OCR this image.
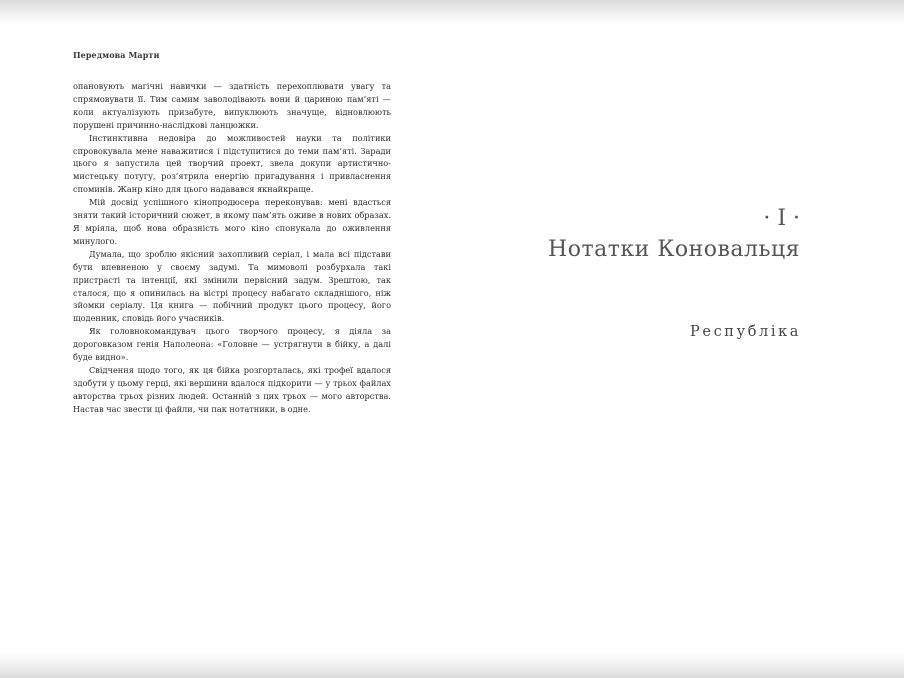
Передмова Марти

опановують магічні навички — здатність перехоплювати увагу та спрямовувати її. Тим самим заволодівають вони й цариною пам’яті — коли актуалізують призабуте, випуклюють значуще, відновлюють порушені причинно-наслідкові ланцюжки.

Інстинктивна недовіра до можливостей науки та політики спровокувала мене наважитися і підступитися до теми пам’яті. Заради цього я запустила цей творчий проект, звела докупи артистично-мистецьку потугу, роз’ятрила енергію пригадування і привласнення споминів. Жанр кіно для цього надавався якнайкраще.

Мій досвід успішного кінопродюсера переконував: мені вдасться зняти такий історичний сюжет, в якому пам’ять оживе в нових образах. Я мріяла, щоб нова образність мого кіно спонукала до оживлення минулого.

Думала, що зроблю якісний захопливий серіал, і мала всі підстави бути впевненою у своєму задумі. Та мимоволі розбурхала такі пристрасті та інтенції, які змінили первісний задум. Зрештою, так сталося, що я опинилась на вістрі процесу набагато складнішого, ніж зйомки серіалу. Ця книга — побічний продукт цього процесу, його щоденник, сповідь його учасників.

Як головнокомандувач цього творчого процесу, я діяла за дороговказом генія Наполеона: «Головне — устрягнути в бійку, а далі буде видно».

Свідчення щодо того, як ця бійка розгорталась, які трофеї вдалося здобути у цьому герці, які вершини вдалося підкорити — у трьох файлах авторства трьох різних людей. Останній з цих трьох — мого авторства. Настав час звести ці файли, чи пак нотатники, в одне.

· I ·
Нотатки Коновальця
Республіка
